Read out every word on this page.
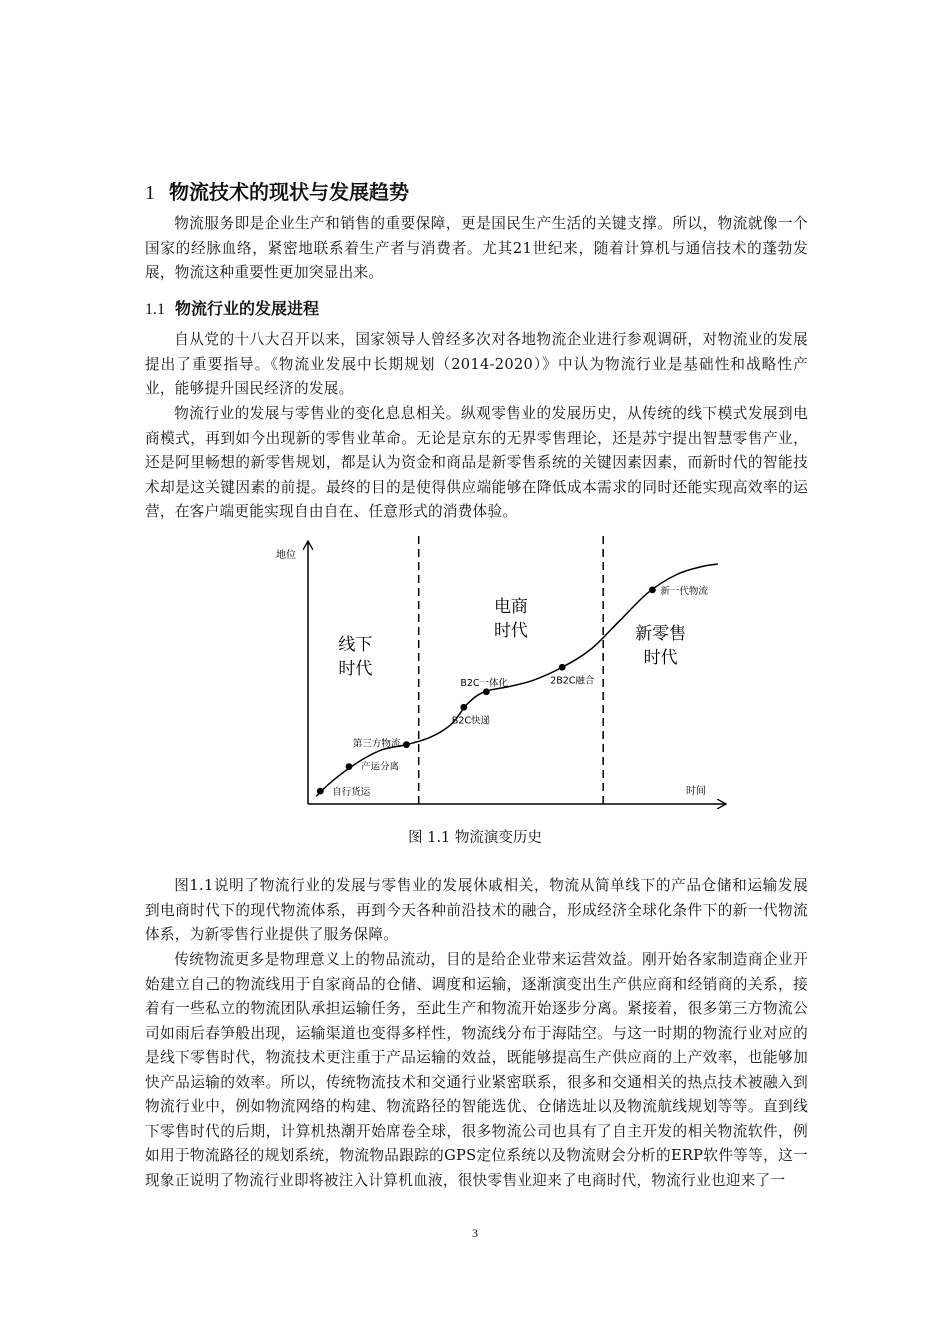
1 物流技术的现状与发展趋势

物流服务即是企业生产和销售的重要保障，更是国民生产生活的关键支撑。所以，物流就像一个国家的经脉血络，紧密地联系着生产者与消费者。尤其21世纪来，随着计算机与通信技术的蓬勃发展，物流这种重要性更加突显出来。

1.1 物流行业的发展进程

自从党的十八大召开以来，国家领导人曾经多次对各地物流企业进行参观调研，对物流业的发展提出了重要指导。《物流业发展中长期规划（2014-2020）》中认为物流行业是基础性和战略性产业，能够提升国民经济的发展。

物流行业的发展与零售业的变化息息相关。纵观零售业的发展历史，从传统的线下模式发展到电商模式，再到如今出现新的零售业革命。无论是京东的无界零售理论，还是苏宁提出智慧零售产业，还是阿里畅想的新零售规划，都是认为资金和商品是新零售系统的关键因素因素，而新时代的智能技术却是这关键因素的前提。最终的目的是使得供应端能够在降低成本需求的同时还能实现高效率的运营，在客户端更能实现自由自在、任意形式的消费体验。

地位
时间
线下
时代
电商
时代	新零售
时代
自行货运
产运分离
第三方物流
B2C快递
B2C一体化	2B2C融合
新一代物流

图 1.1 物流演变历史

图1.1说明了物流行业的发展与零售业的发展休戚相关，物流从简单线下的产品仓储和运输发展到电商时代下的现代物流体系，再到今天各种前沿技术的融合，形成经济全球化条件下的新一代物流体系，为新零售行业提供了服务保障。

传统物流更多是物理意义上的物品流动，目的是给企业带来运营效益。刚开始各家制造商企业开始建立自己的物流线用于自家商品的仓储、调度和运输，逐渐演变出生产供应商和经销商的关系，接着有一些私立的物流团队承担运输任务，至此生产和物流开始逐步分离。紧接着，很多第三方物流公司如雨后春笋般出现，运输渠道也变得多样性，物流线分布于海陆空。与这一时期的物流行业对应的是线下零售时代，物流技术更注重于产品运输的效益，既能够提高生产供应商的上产效率，也能够加快产品运输的效率。所以，传统物流技术和交通行业紧密联系，很多和交通相关的热点技术被融入到物流行业中，例如物流网络的构建、物流路径的智能选优、仓储选址以及物流航线规划等等。直到线下零售时代的后期，计算机热潮开始席卷全球，很多物流公司也具有了自主开发的相关物流软件，例如用于物流路径的规划系统，物流物品跟踪的GPS定位系统以及物流财会分析的ERP软件等等，这一现象正说明了物流行业即将被注入计算机血液，很快零售业迎来了电商时代，物流行业也迎来了一

3
